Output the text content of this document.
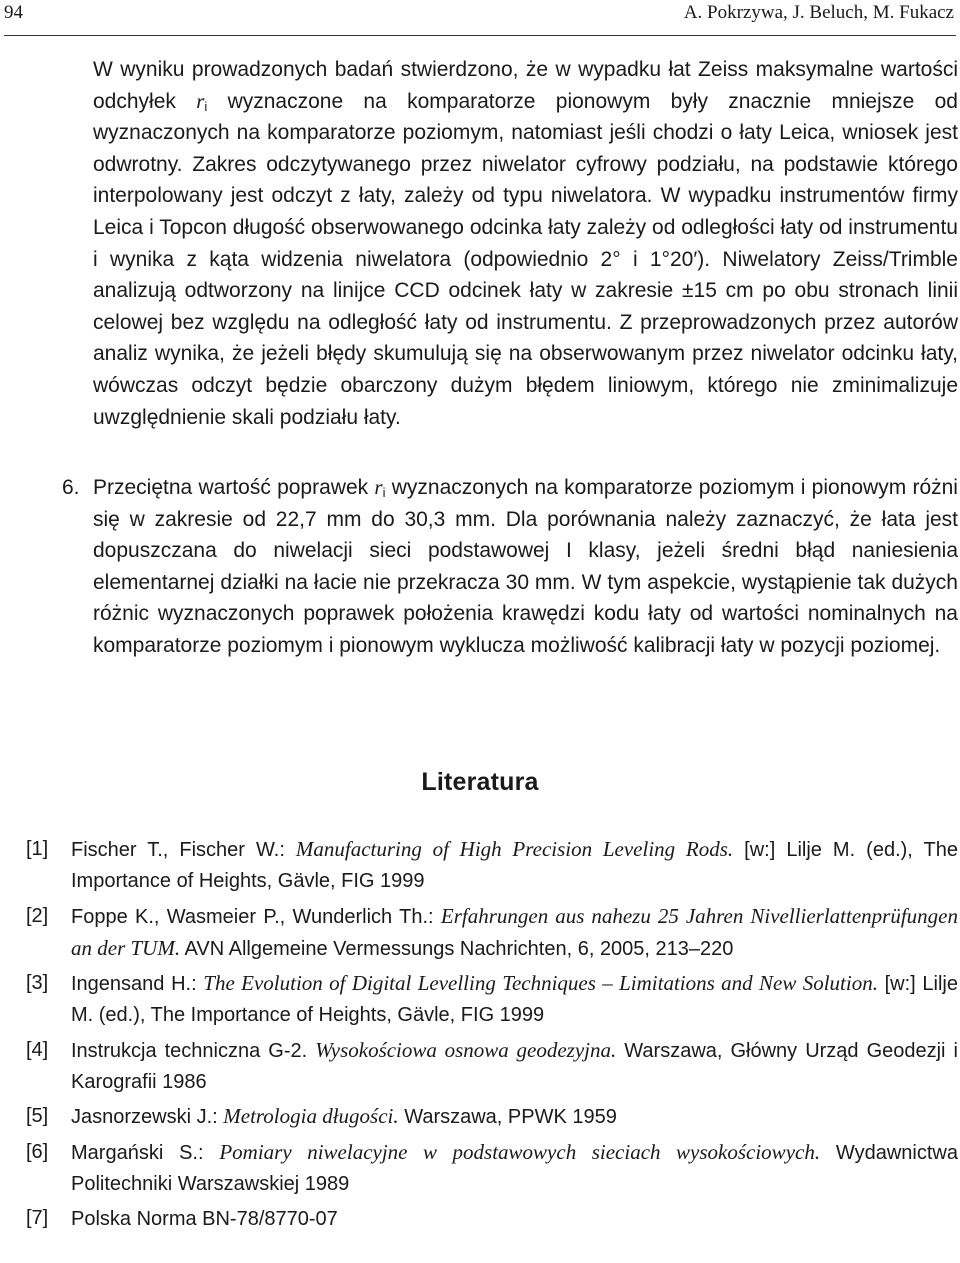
94	A. Pokrzywa, J. Beluch, M. Fukacz

W wyniku prowadzonych badań stwierdzono, że w wypadku łat Zeiss maksymalne wartości odchyłek $r_i$ wyznaczone na komparatorze pionowym były znacznie mniejsze od wyznaczonych na komparatorze poziomym, natomiast jeśli chodzi o łaty Leica, wniosek jest odwrotny. Zakres odczytywanego przez niwelator cyfrowy podziału, na podstawie którego interpolowany jest odczyt z łaty, zależy od typu niwelatora. W wypadku instrumentów firmy Leica i Topcon długość obserwowanego odcinka łaty zależy od odległości łaty od instrumentu i wynika z kąta widzenia niwelatora (odpowiednio 2° i 1°20′). Niwelatory Zeiss/Trimble analizują odtworzony na linijce CCD odcinek łaty w zakresie ±15 cm po obu stronach linii celowej bez względu na odległość łaty od instrumentu. Z przeprowadzonych przez autorów analiz wynika, że jeżeli błędy skumulują się na obserwowanym przez niwelator odcinku łaty, wówczas odczyt będzie obarczony dużym błędem liniowym, którego nie zminimalizuje uwzględnienie skali podziału łaty.

6. Przeciętna wartość poprawek $r_i$ wyznaczonych na komparatorze poziomym i pionowym różni się w zakresie od 22,7 mm do 30,3 mm. Dla porównania należy zaznaczyć, że łata jest dopuszczana do niwelacji sieci podstawowej I klasy, jeżeli średni błąd naniesienia elementarnej działki na łacie nie przekracza 30 mm. W tym aspekcie, wystąpienie tak dużych różnic wyznaczonych poprawek położenia krawędzi kodu łaty od wartości nominalnych na komparatorze poziomym i pionowym wyklucza możliwość kalibracji łaty w pozycji poziomej.
Literatura
[1] Fischer T., Fischer W.: Manufacturing of High Precision Leveling Rods. [w:] Lilje M. (ed.), The Importance of Heights, Gävle, FIG 1999
[2] Foppe K., Wasmeier P., Wunderlich Th.: Erfahrungen aus nahezu 25 Jahren Nivellierlattenprüfungen an der TUM. AVN Allgemeine Vermessungs Nachrichten, 6, 2005, 213–220
[3] Ingensand H.: The Evolution of Digital Levelling Techniques – Limitations and New Solution. [w:] Lilje M. (ed.), The Importance of Heights, Gävle, FIG 1999
[4] Instrukcja techniczna G-2. Wysokościowa osnowa geodezyjna. Warszawa, Główny Urząd Geodezji i Karografii 1986
[5] Jasnorzewski J.: Metrologia długości. Warszawa, PPWK 1959
[6] Margański S.: Pomiary niwelacyjne w podstawowych sieciach wysokościowych. Wydawnictwa Politechniki Warszawskiej 1989
[7] Polska Norma BN-78/8770-07
